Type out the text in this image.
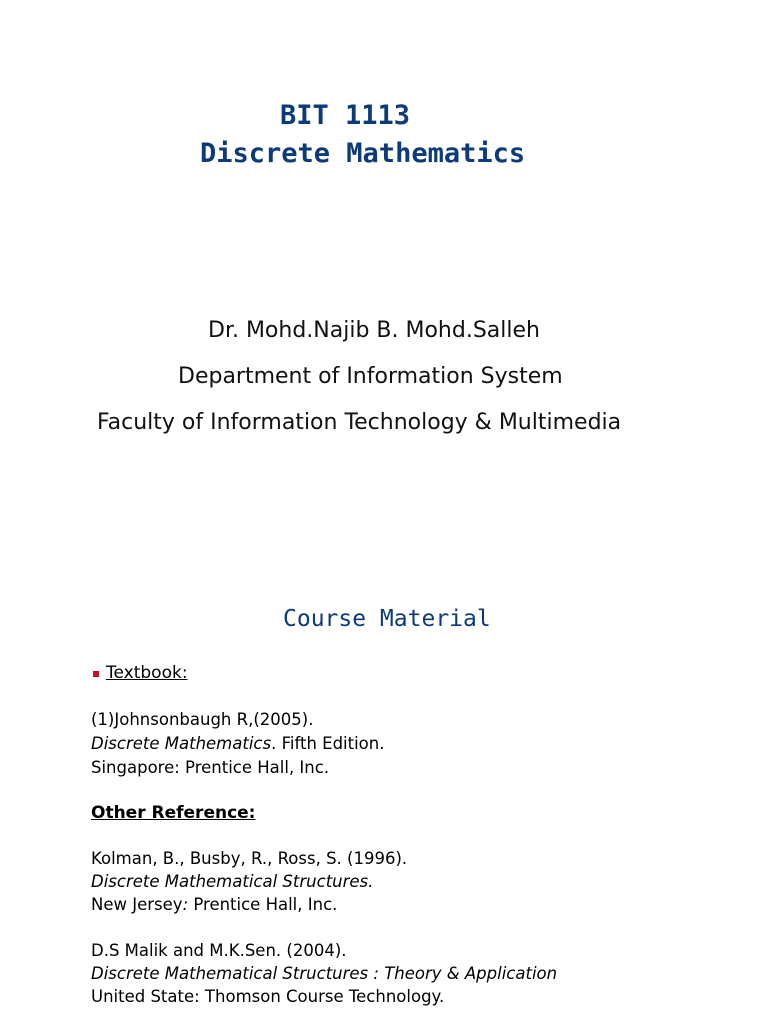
BIT 1113
Discrete Mathematics
Dr. Mohd.Najib B. Mohd.Salleh
Department of Information System
Faculty of Information Technology & Multimedia
Course Material
Textbook:
(1)Johnsonbaugh R,(2005).
Discrete Mathematics. Fifth Edition.
Singapore: Prentice Hall, Inc.
Other Reference:
Kolman, B., Busby, R., Ross, S. (1996).
Discrete Mathematical Structures.
New Jersey: Prentice Hall, Inc.
D.S Malik and M.K.Sen. (2004).
Discrete Mathematical Structures : Theory & Application
United State: Thomson Course Technology.
